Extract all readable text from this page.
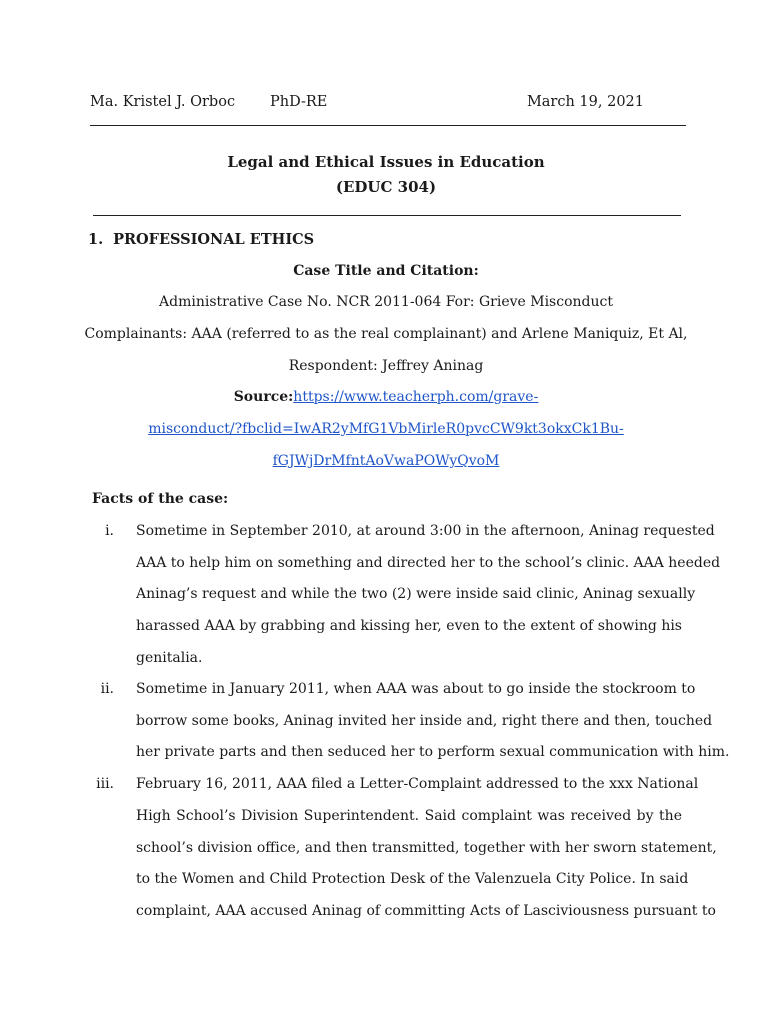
Ma. Kristel J. Orboc PhD-RE	March 19, 2021
Legal and Ethical Issues in Education
(EDUC 304)
1. PROFESSIONAL ETHICS
Case Title and Citation:
Administrative Case No. NCR 2011-064 For: Grieve Misconduct
Complainants: AAA (referred to as the real complainant) and Arlene Maniquiz, Et Al,
Respondent: Jeffrey Aninag
Source:https://www.teacherph.com/grave-
misconduct/?fbclid=IwAR2yMfG1VbMirleR0pvcCW9kt3okxCk1Bu-
fGJWjDrMfntAoVwaPOWyQvoM
Facts of the case:
i. Sometime in September 2010, at around 3:00 in the afternoon, Aninag requested
AAA to help him on something and directed her to the school’s clinic. AAA heeded
Aninag’s request and while the two (2) were inside said clinic, Aninag sexually
harassed AAA by grabbing and kissing her, even to the extent of showing his
genitalia.
ii. Sometime in January 2011, when AAA was about to go inside the stockroom to
borrow some books, Aninag invited her inside and, right there and then, touched
her private parts and then seduced her to perform sexual communication with him.
iii. February 16, 2011, AAA filed a Letter-Complaint addressed to the xxx National
High School’s Division Superintendent. Said complaint was received by the
school’s division office, and then transmitted, together with her sworn statement,
to the Women and Child Protection Desk of the Valenzuela City Police. In said
complaint, AAA accused Aninag of committing Acts of Lasciviousness pursuant to
